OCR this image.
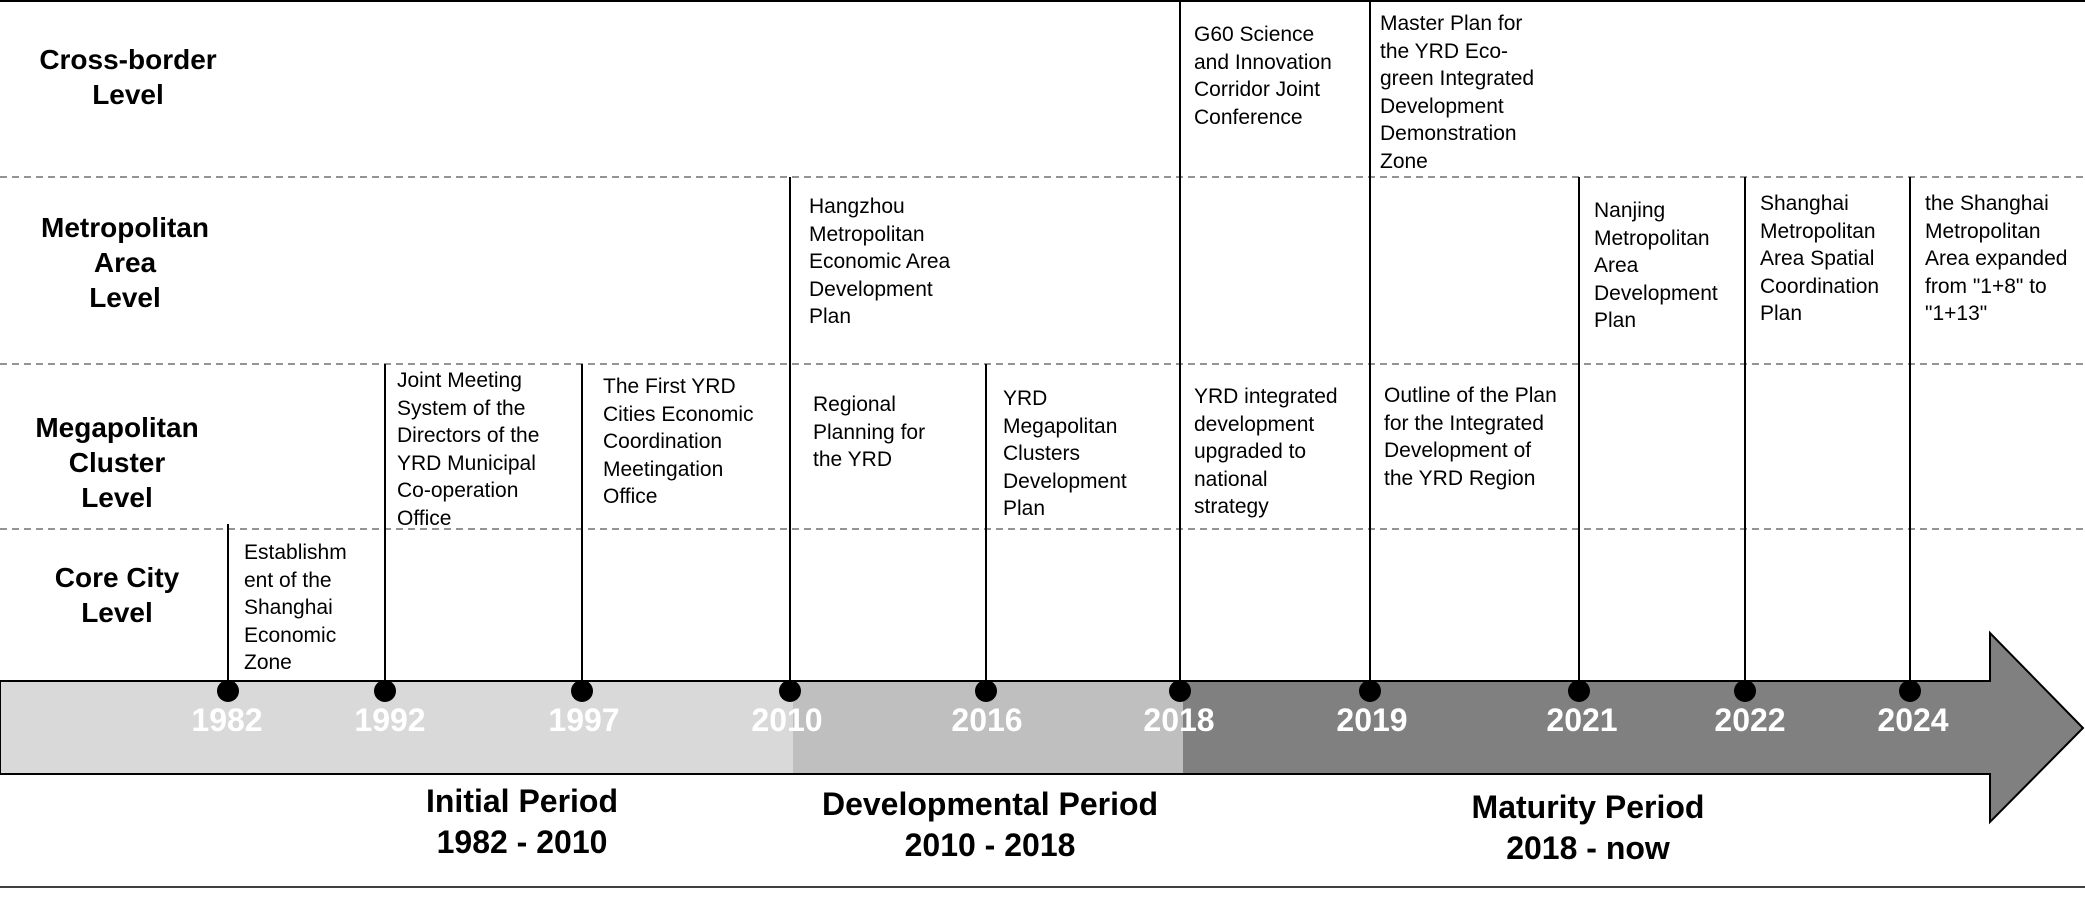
Cross-border
Level
Metropolitan
Area
Level
Megapolitan
Cluster
Level
Core City
Level
Establishm
ent of the
Shanghai
Economic
Zone
Joint Meeting
System of the
Directors of the
YRD Municipal
Co-operation
Office
The First YRD
Cities Economic
Coordination
Meetingation
Office
Hangzhou
Metropolitan
Economic Area
Development
Plan
Regional
Planning for
the YRD
YRD
Megapolitan
Clusters
Development
Plan
G60 Science
and Innovation
Corridor Joint
Conference
YRD integrated
development
upgraded to
national
strategy
Master Plan for
the YRD Eco-
green Integrated
Development
Demonstration
Zone
Outline of the Plan
for the Integrated
Development of
the YRD Region
Nanjing
Metropolitan
Area
Development
Plan
Shanghai
Metropolitan
Area Spatial
Coordination
Plan
the Shanghai
Metropolitan
Area expanded
from "1+8" to
"1+13"
1982	1992	1997	2010	2016	2018	2019	2021	2022	2024
Initial Period
1982 - 2010
Developmental Period
2010 - 2018
Maturity Period
2018 - now
